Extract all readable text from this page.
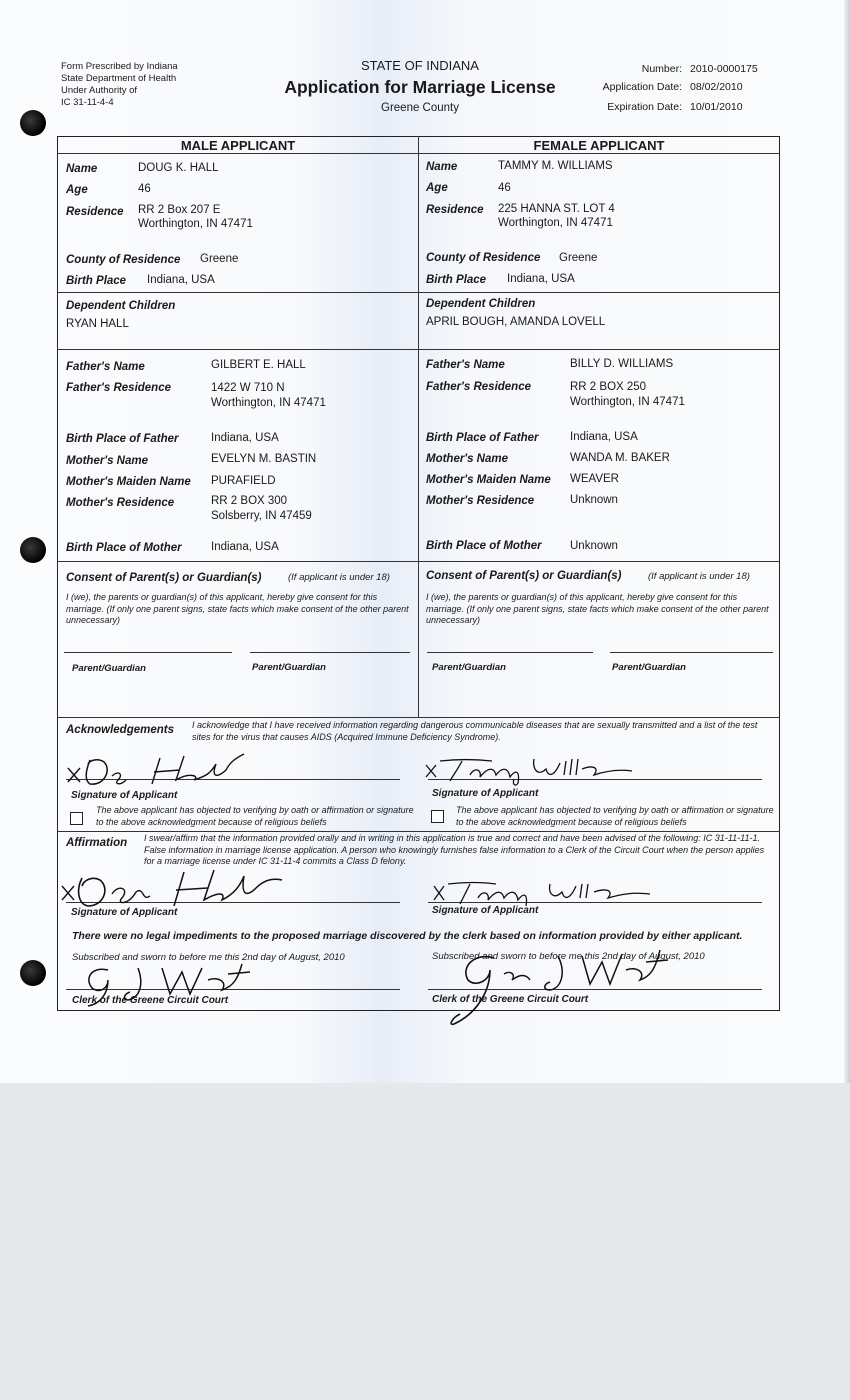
Form Prescribed by Indiana
State Department of Health
Under Authority of
IC 31-11-4-4
STATE OF INDIANA
Application for Marriage License
Greene County
Number: 2010-0000175
Application Date: 08/02/2010
Expiration Date: 10/01/2010
MALE APPLICANT	FEMALE APPLICANT
Name	DOUG K. HALL
Age	46
Residence RR 2 Box 207 E
Worthington, IN 47471
County of Residence Greene
Birth Place Indiana, USA
Dependent Children
RYAN HALL
Father's Name	GILBERT E. HALL
Father's Residence	1422 W 710 N
Worthington, IN 47471
Birth Place of Father	Indiana, USA
Mother's Name	EVELYN M. BASTIN
Mother's Maiden Name PURAFIELD
Mother's Residence	RR 2 BOX 300
Solsberry, IN 47459
Birth Place of Mother	Indiana, USA
Name	TAMMY M. WILLIAMS
Age	46
Residence 225 HANNA ST. LOT 4
Worthington, IN 47471
County of Residence Greene
Birth Place Indiana, USA
Dependent Children
APRIL BOUGH, AMANDA LOVELL
Father's Name	BILLY D. WILLIAMS
Father's Residence	RR 2 BOX 250
Worthington, IN 47471
Birth Place of Father	Indiana, USA
Mother's Name	WANDA M. BAKER
Mother's Maiden Name WEAVER
Mother's Residence	Unknown
Birth Place of Mother Unknown
Consent of Parent(s) or Guardian(s)	(If applicant is under 18)
I (we), the parents or guardian(s) of this applicant, hereby give consent for this marriage. (If only one parent signs, state facts which make consent of the other parent unnecessary)
Parent/Guardian	Parent/Guardian
Consent of Parent(s) or Guardian(s)	(If applicant is under 18)
I (we), the parents or guardian(s) of this applicant, hereby give consent for this marriage. (If only one parent signs, state facts which make consent of the other parent unnecessary)
Parent/Guardian	Parent/Guardian
Acknowledgements I acknowledge that I have received information regarding dangerous communicable diseases that are sexually transmitted and a list of the test sites for the virus that causes AIDS (Acquired Immune Deficiency Syndrome).
Signature of Applicant	Signature of Applicant
The above applicant has objected to verifying by oath or affirmation or signature to the above acknowledgment because of religious beliefs
The above applicant has objected to verifying by oath or affirmation or signature to the above acknowledgment because of religious beliefs
Affirmation I swear/affirm that the information provided orally and in writing in this application is true and correct and have been advised of the following: IC 31-11-11-1. False information in marriage license application. A person who knowingly furnishes false information to a Clerk of the Circuit Court when the person applies for a marriage license under IC 31-11-4 commits a Class D felony.
Signature of Applicant	Signature of Applicant
There were no legal impediments to the proposed marriage discovered by the clerk based on information provided by either applicant.
Subscribed and sworn to before me this 2nd day of August, 2010	Subscribed and sworn to before me this 2nd day of August, 2010
Clerk of the Greene Circuit Court	Clerk of the Greene Circuit Court
